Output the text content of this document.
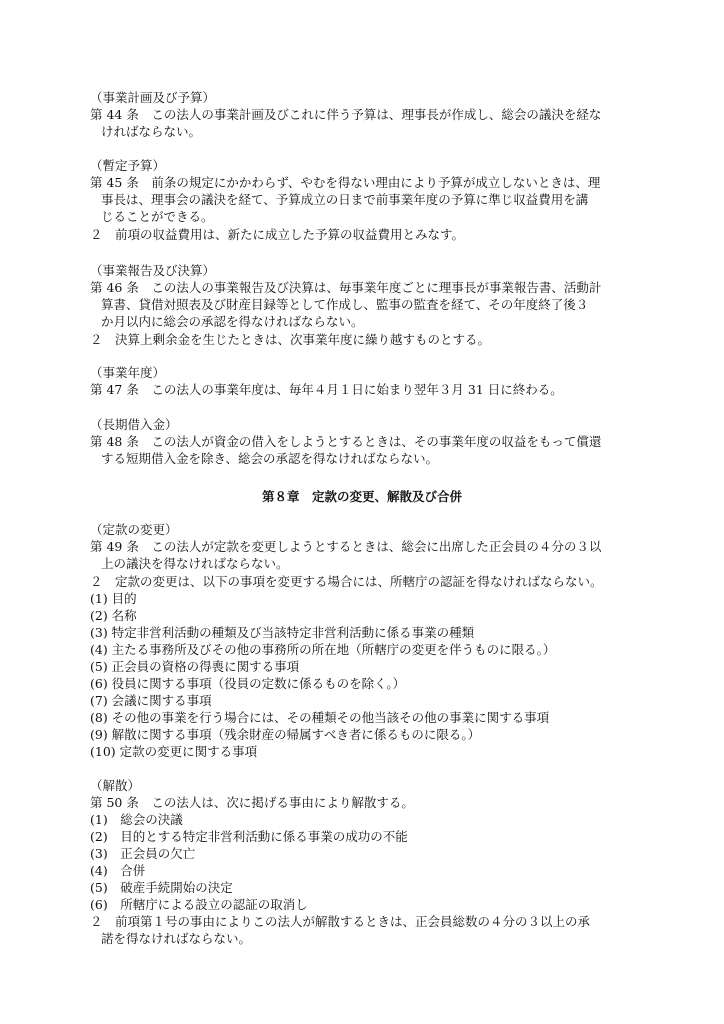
（事業計画及び予算）
第 44 条　この法人の事業計画及びこれに伴う予算は、理事長が作成し、総会の議決を経な
ければならない。
（暫定予算）
第 45 条　前条の規定にかかわらず、やむを得ない理由により予算が成立しないときは、理
事長は、理事会の議決を経て、予算成立の日まで前事業年度の予算に準じ収益費用を講
じることができる。
２　前項の収益費用は、新たに成立した予算の収益費用とみなす。
（事業報告及び決算）
第 46 条　この法人の事業報告及び決算は、毎事業年度ごとに理事長が事業報告書、活動計
算書、貸借対照表及び財産目録等として作成し、監事の監査を経て、その年度終了後３
か月以内に総会の承認を得なければならない。
２　決算上剰余金を生じたときは、次事業年度に繰り越すものとする。
（事業年度）
第 47 条　この法人の事業年度は、毎年４月１日に始まり翌年３月 31 日に終わる。
（長期借入金）
第 48 条　この法人が資金の借入をしようとするときは、その事業年度の収益をもって償還
する短期借入金を除き、総会の承認を得なければならない。
第８章　定款の変更、解散及び合併
（定款の変更）
第 49 条　この法人が定款を変更しようとするときは、総会に出席した正会員の４分の３以
上の議決を得なければならない。
２　定款の変更は、以下の事項を変更する場合には、所轄庁の認証を得なければならない。
(1) 目的
(2) 名称
(3) 特定非営利活動の種類及び当該特定非営利活動に係る事業の種類
(4) 主たる事務所及びその他の事務所の所在地（所轄庁の変更を伴うものに限る。）
(5) 正会員の資格の得喪に関する事項
(6) 役員に関する事項（役員の定数に係るものを除く。）
(7) 会議に関する事項
(8) その他の事業を行う場合には、その種類その他当該その他の事業に関する事項
(9) 解散に関する事項（残余財産の帰属すべき者に係るものに限る。）
(10) 定款の変更に関する事項
（解散）
第 50 条　この法人は、次に掲げる事由により解散する。
(1)　総会の決議
(2)　目的とする特定非営利活動に係る事業の成功の不能
(3)　正会員の欠亡
(4)　合併
(5)　破産手続開始の決定
(6)　所轄庁による設立の認証の取消し
２　前項第１号の事由によりこの法人が解散するときは、正会員総数の４分の３以上の承
諾を得なければならない。
